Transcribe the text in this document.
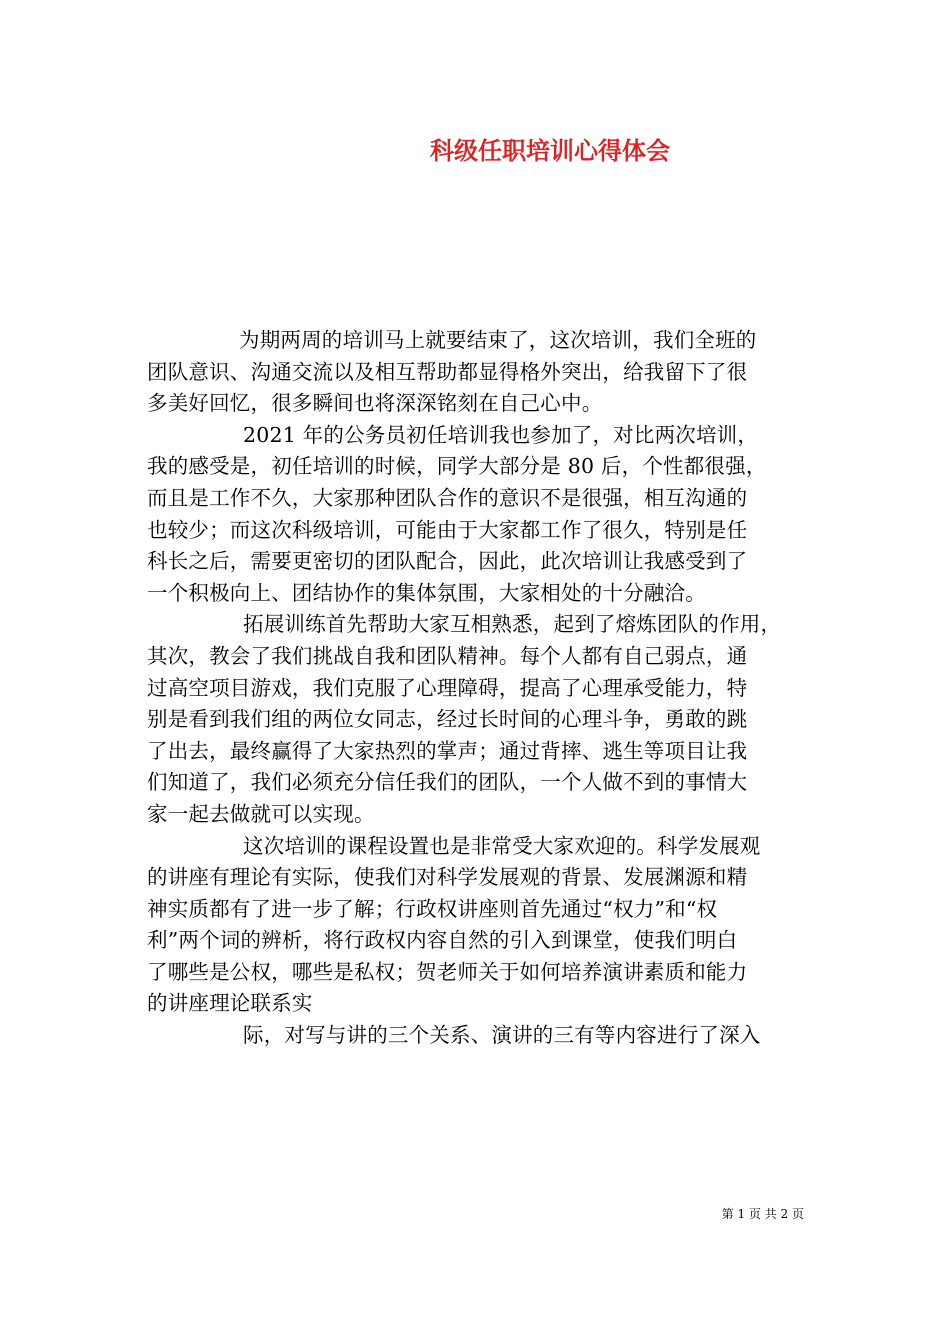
科级任职培训心得体会
为期两周的培训马上就要结束了，这次培训，我们全班的
团队意识、沟通交流以及相互帮助都显得格外突出，给我留下了很
多美好回忆，很多瞬间也将深深铭刻在自己心中。
2021 年的公务员初任培训我也参加了，对比两次培训，
我的感受是，初任培训的时候，同学大部分是 80 后，个性都很强，
而且是工作不久，大家那种团队合作的意识不是很强，相互沟通的
也较少；而这次科级培训，可能由于大家都工作了很久，特别是任
科长之后，需要更密切的团队配合，因此，此次培训让我感受到了
一个积极向上、团结协作的集体氛围，大家相处的十分融洽。
拓展训练首先帮助大家互相熟悉，起到了熔炼团队的作用，
其次，教会了我们挑战自我和团队精神。每个人都有自己弱点，通
过高空项目游戏，我们克服了心理障碍，提高了心理承受能力，特
别是看到我们组的两位女同志，经过长时间的心理斗争，勇敢的跳
了出去，最终赢得了大家热烈的掌声；通过背摔、逃生等项目让我
们知道了，我们必须充分信任我们的团队，一个人做不到的事情大
家一起去做就可以实现。
这次培训的课程设置也是非常受大家欢迎的。科学发展观
的讲座有理论有实际，使我们对科学发展观的背景、发展渊源和精
神实质都有了进一步了解；行政权讲座则首先通过“权力”和“权
利”两个词的辨析，将行政权内容自然的引入到课堂，使我们明白
了哪些是公权，哪些是私权；贺老师关于如何培养演讲素质和能力
的讲座理论联系实
际，对写与讲的三个关系、演讲的三有等内容进行了深入
第 1 页 共 2 页
